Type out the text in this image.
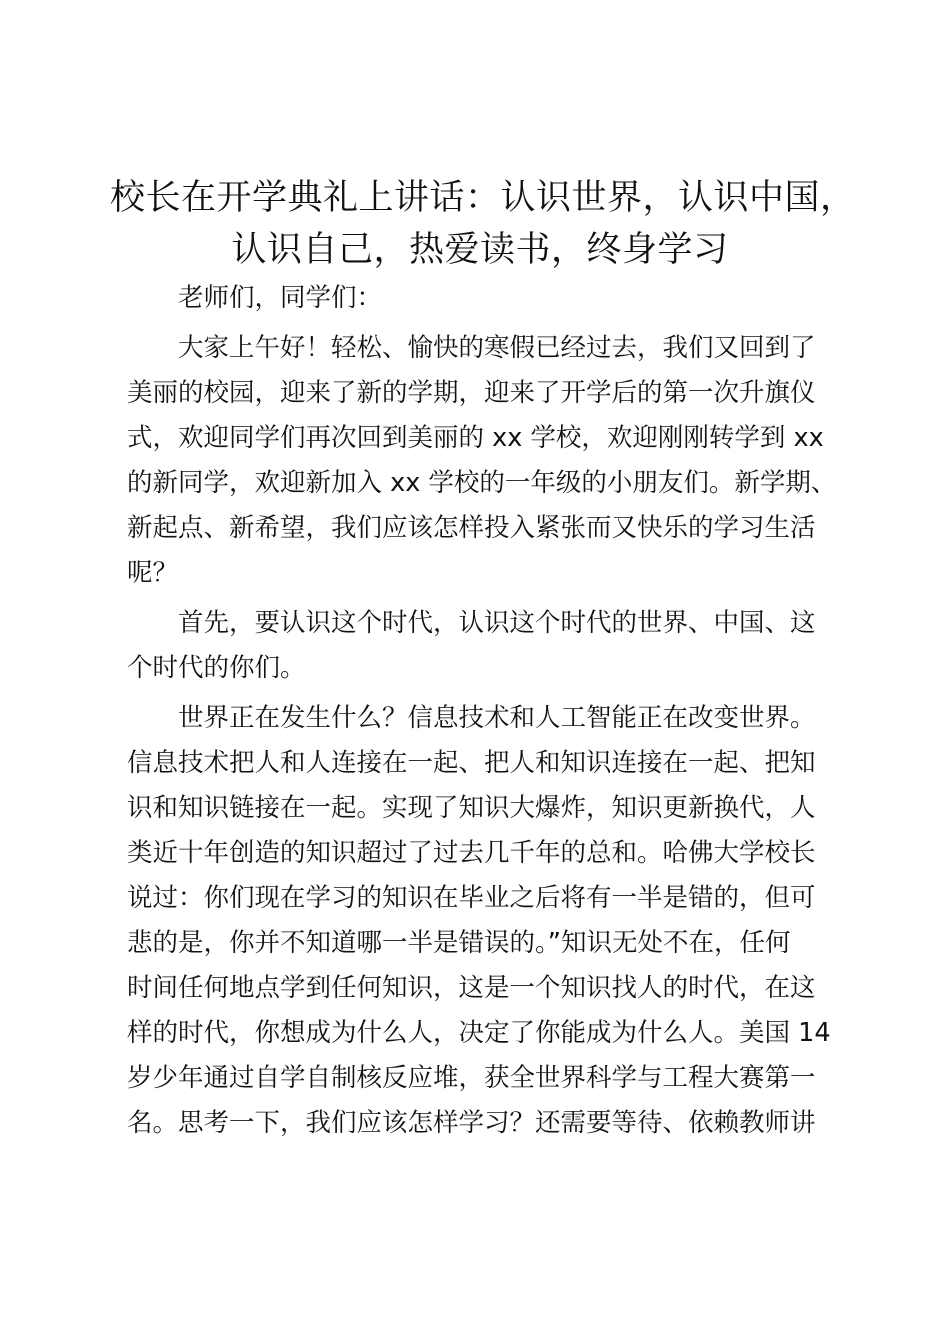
校长在开学典礼上讲话：认识世界，认识中国，
认识自己，热爱读书，终身学习
老师们，同学们：
大家上午好！轻松、愉快的寒假已经过去，我们又回到了
美丽的校园，迎来了新的学期，迎来了开学后的第一次升旗仪
式，欢迎同学们再次回到美丽的 xx 学校，欢迎刚刚转学到 xx
的新同学，欢迎新加入 xx 学校的一年级的小朋友们。新学期、
新起点、新希望，我们应该怎样投入紧张而又快乐的学习生活
呢？
首先，要认识这个时代，认识这个时代的世界、中国、这
个时代的你们。
世界正在发生什么？信息技术和人工智能正在改变世界。
信息技术把人和人连接在一起、把人和知识连接在一起、把知
识和知识链接在一起。实现了知识大爆炸，知识更新换代，人
类近十年创造的知识超过了过去几千年的总和。哈佛大学校长
说过：你们现在学习的知识在毕业之后将有一半是错的，但可
悲的是，你并不知道哪一半是错误的。”知识无处不在，任何
时间任何地点学到任何知识，这是一个知识找人的时代，在这
样的时代，你想成为什么人，决定了你能成为什么人。美国 14
岁少年通过自学自制核反应堆，获全世界科学与工程大赛第一
名。思考一下，我们应该怎样学习？还需要等待、依赖教师讲
